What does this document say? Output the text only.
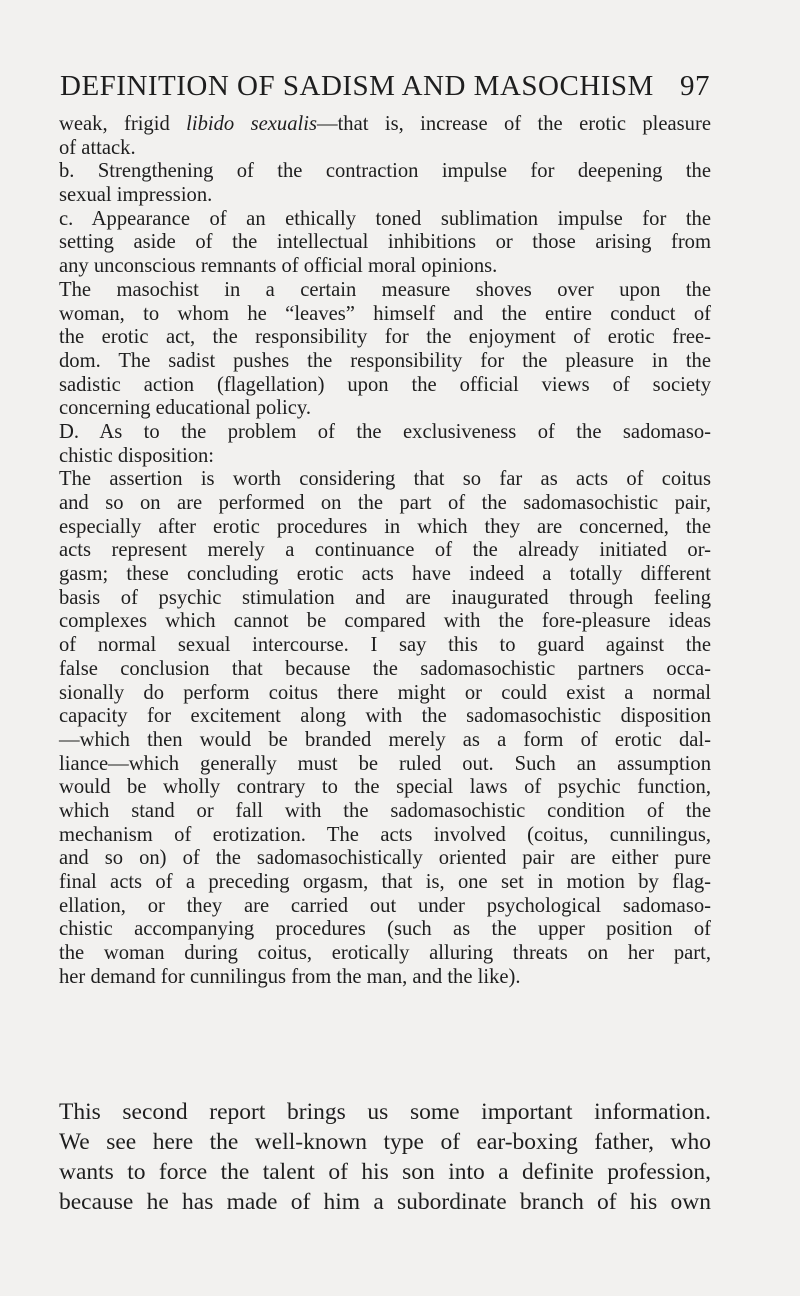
DEFINITION OF SADISM AND MASOCHISM 97

weak, frigid libido sexualis—that is, increase of the erotic pleasure
of attack.

b. Strengthening of the contraction impulse for deepening the
sexual impression.

c. Appearance of an ethically toned sublimation impulse for the
setting aside of the intellectual inhibitions or those arising from
any unconscious remnants of official moral opinions.

The masochist in a certain measure shoves over upon the
woman, to whom he “leaves” himself and the entire conduct of
the erotic act, the responsibility for the enjoyment of erotic free-
dom. The sadist pushes the responsibility for the pleasure in the
sadistic action (flagellation) upon the official views of society
concerning educational policy.

D. As to the problem of the exclusiveness of the sadomaso-
chistic disposition:

The assertion is worth considering that so far as acts of coitus
and so on are performed on the part of the sadomasochistic pair,
especially after erotic procedures in which they are concerned, the
acts represent merely a continuance of the already initiated or-
gasm; these concluding erotic acts have indeed a totally different
basis of psychic stimulation and are inaugurated through feeling
complexes which cannot be compared with the fore-pleasure ideas
of normal sexual intercourse. I say this to guard against the
false conclusion that because the sadomasochistic partners occa-
sionally do perform coitus there might or could exist a normal
capacity for excitement along with the sadomasochistic disposition
—which then would be branded merely as a form of erotic dal-
liance—which generally must be ruled out. Such an assumption
would be wholly contrary to the special laws of psychic function,
which stand or fall with the sadomasochistic condition of the
mechanism of erotization. The acts involved (coitus, cunnilingus,
and so on) of the sadomasochistically oriented pair are either pure
final acts of a preceding orgasm, that is, one set in motion by flag-
ellation, or they are carried out under psychological sadomaso-
chistic accompanying procedures (such as the upper position of
the woman during coitus, erotically alluring threats on her part,
her demand for cunnilingus from the man, and the like).

This second report brings us some important information.
We see here the well-known type of ear-boxing father, who
wants to force the talent of his son into a definite profession,
because he has made of him a subordinate branch of his own
